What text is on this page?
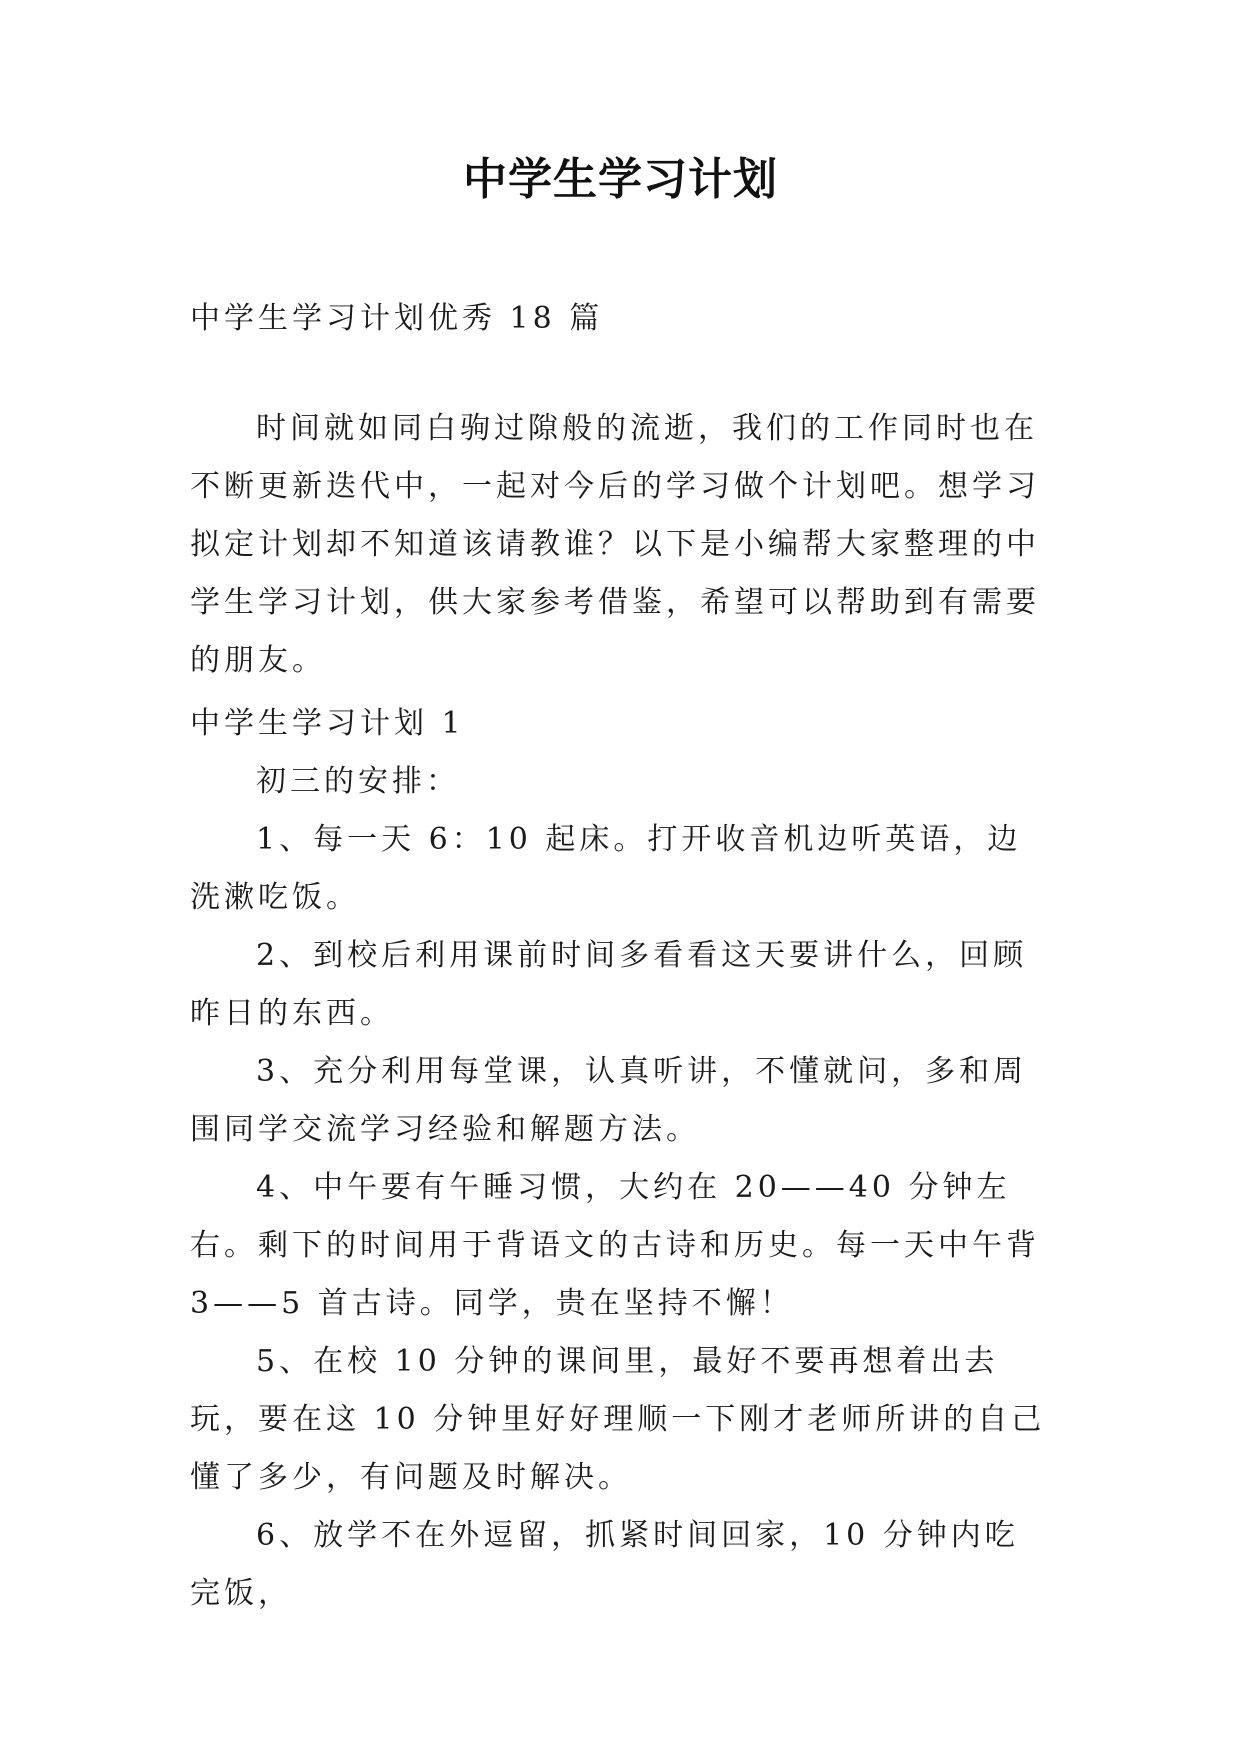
中学生学习计划
中学生学习计划优秀 18 篇
时间就如同白驹过隙般的流逝，我们的工作同时也在不断更新迭代中，一起对今后的学习做个计划吧。想学习拟定计划却不知道该请教谁？以下是小编帮大家整理的中学生学习计划，供大家参考借鉴，希望可以帮助到有需要的朋友。
中学生学习计划 1

初三的安排：

1、每一天 6：10 起床。打开收音机边听英语，边洗漱吃饭。

2、到校后利用课前时间多看看这天要讲什么，回顾昨日的东西。

3、充分利用每堂课，认真听讲，不懂就问，多和周围同学交流学习经验和解题方法。

4、中午要有午睡习惯，大约在 20——40 分钟左右。剩下的时间用于背语文的古诗和历史。每一天中午背 3——5 首古诗。同学，贵在坚持不懈！

5、在校 10 分钟的课间里，最好不要再想着出去玩，要在这 10 分钟里好好理顺一下刚才老师所讲的自己懂了多少，有问题及时解决。

6、放学不在外逗留，抓紧时间回家，10 分钟内吃完饭，
